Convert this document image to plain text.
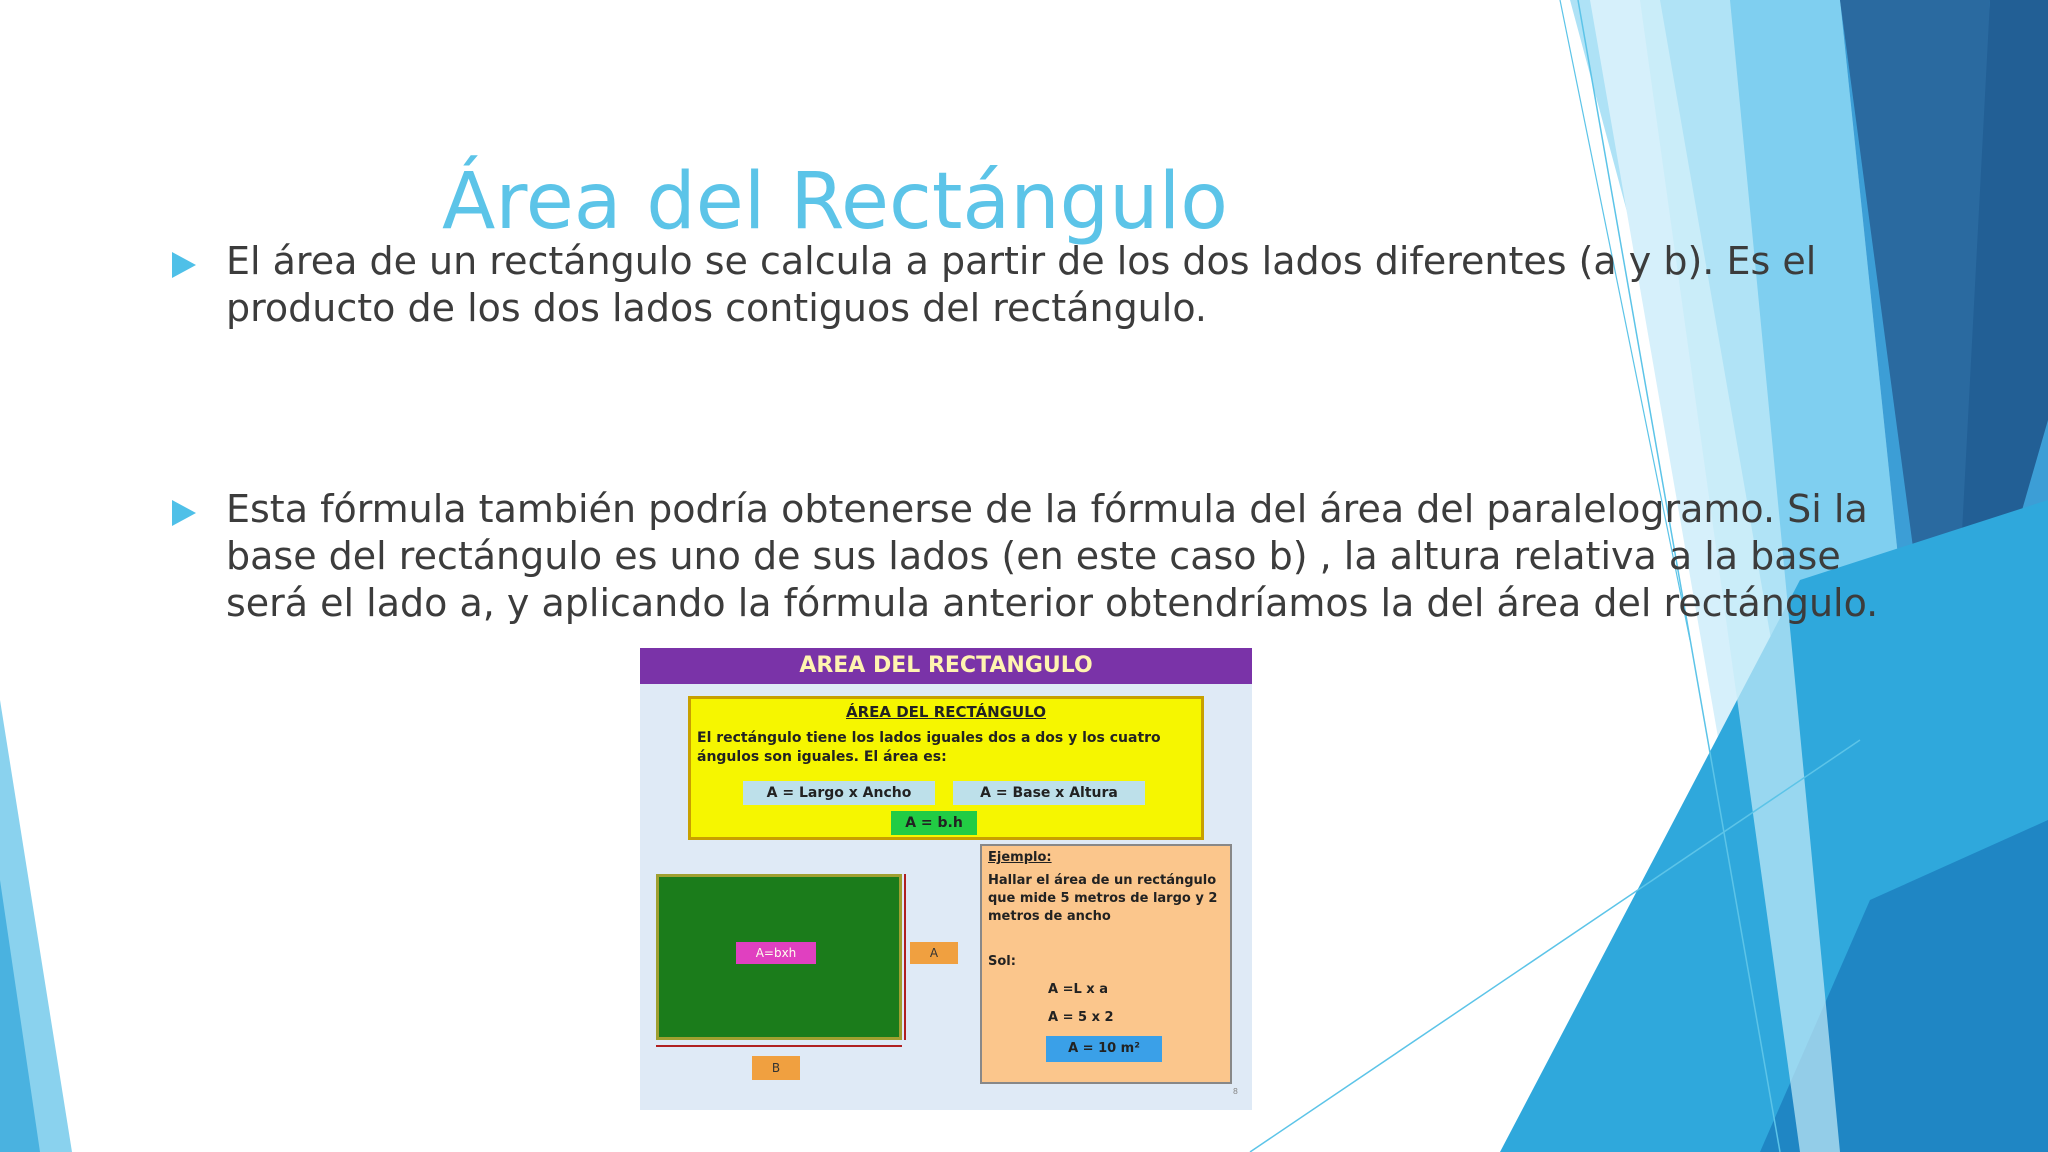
Área del Rectángulo
El área de un rectángulo se calcula a partir de los dos lados diferentes (a y b). Es el producto de los dos lados contiguos del rectángulo.
Esta fórmula también podría obtenerse de la fórmula del área del paralelogramo. Si la base del rectángulo es uno de sus lados (en este caso b) , la altura relativa a la base será el lado a, y aplicando la fórmula anterior obtendríamos la del área del rectángulo.
AREA DEL RECTANGULO
ÁREA DEL RECTÁNGULO
El rectángulo tiene los lados iguales dos a dos y los cuatro ángulos son iguales. El área es:
A = Largo x Ancho	A = Base x Altura
A = b.h
A=bxh	A
B
Ejemplo:
Hallar el área de un rectángulo que mide 5 metros de largo y 2 metros de ancho
Sol:
A =L x a
A = 5 x 2
A = 10 m²
8
